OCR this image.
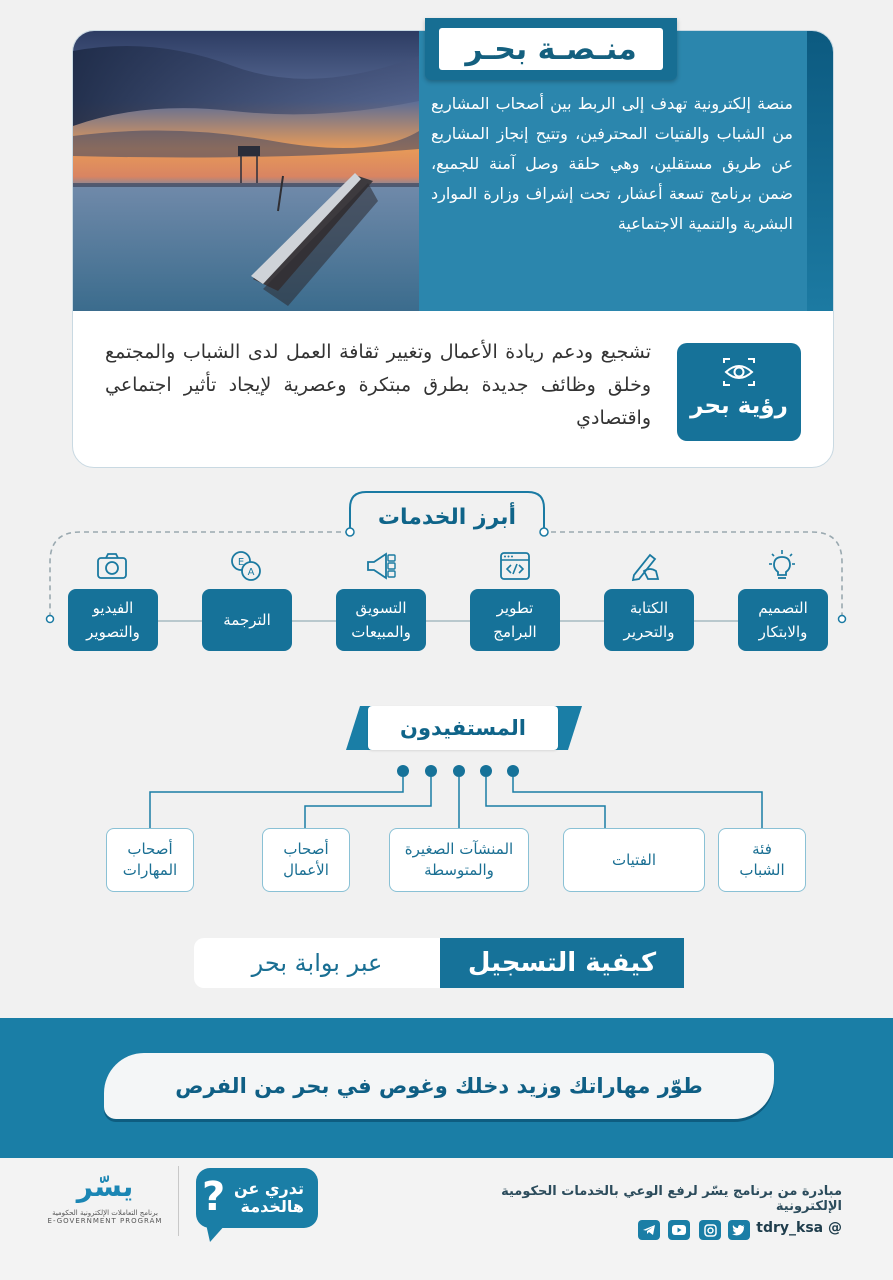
منصة إلكترونية تهدف إلى الربط بين أصحاب المشاريع من الشباب والفتيات المحترفين، وتتيح إنجاز المشاريع عن طريق مستقلين، وهي حلقة وصل آمنة للجميع، ضمن برنامج تسعة أعشار، تحت إشراف وزارة الموارد البشرية والتنمية الاجتماعية
رؤية بحر
تشجيع ودعم ريادة الأعمال وتغيير ثقافة العمل لدى الشباب والمجتمع وخلق وظائف جديدة بطرق مبتكرة وعصرية لإيجاد تأثير اجتماعي واقتصادي
منـصـة بحـر
أبرز الخدمات
التصميم
والابتكار
الكتابة
والتحرير
تطوير
البرامج
التسويق
والمبيعات
E
A
الترجمة
الفيديو
والتصوير
المستفيدون
فئة
الشباب
الفتيات
المنشآت الصغيرة
والمتوسطة
أصحاب
الأعمال
أصحاب
المهارات
كيفية التسجيل
عبر بوابة بحر
طوّر مهاراتك وزيد دخلك وغوص في بحر من الفرص
مبادرة من برنامج يسّر لرفع الوعي بالخدمات الحكومية الإلكترونية
@ tdry_ksa
تدري عن هالخدمة
?
يسّر
برنامج التعاملات الإلكترونية الحكومية
E-GOVERNMENT PROGRAM
